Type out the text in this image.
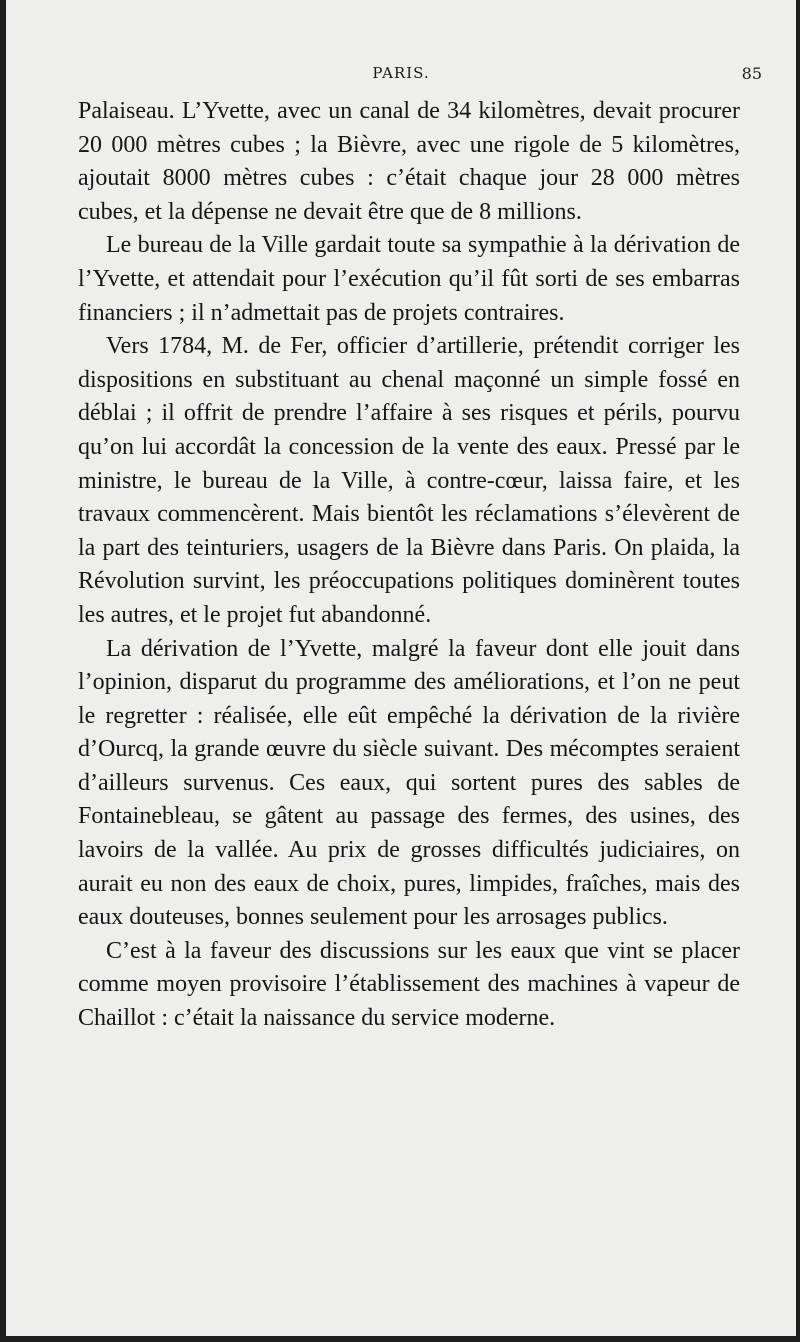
PARIS.	85

Palaiseau. L’Yvette, avec un canal de 34 kilomètres, devait procurer 20 000 mètres cubes ; la Bièvre, avec une rigole de 5 kilomètres, ajoutait 8000 mètres cubes : c’était chaque jour 28 000 mètres cubes, et la dépense ne devait être que de 8 millions.

Le bureau de la Ville gardait toute sa sympathie à la dérivation de l’Yvette, et attendait pour l’exécution qu’il fût sorti de ses embarras financiers ; il n’admettait pas de projets contraires.

Vers 1784, M. de Fer, officier d’artillerie, prétendit corriger les dispositions en substituant au chenal maçonné un simple fossé en déblai ; il offrit de prendre l’affaire à ses risques et périls, pourvu qu’on lui accordât la concession de la vente des eaux. Pressé par le ministre, le bureau de la Ville, à contre-cœur, laissa faire, et les travaux commencèrent. Mais bientôt les réclamations s’élevèrent de la part des teinturiers, usagers de la Bièvre dans Paris. On plaida, la Révolution survint, les préoccupations politiques dominèrent toutes les autres, et le projet fut abandonné.

La dérivation de l’Yvette, malgré la faveur dont elle jouit dans l’opinion, disparut du programme des améliorations, et l’on ne peut le regretter : réalisée, elle eût empêché la dérivation de la rivière d’Ourcq, la grande œuvre du siècle suivant. Des mécomptes seraient d’ailleurs survenus. Ces eaux, qui sortent pures des sables de Fontainebleau, se gâtent au passage des fermes, des usines, des lavoirs de la vallée. Au prix de grosses difficultés judiciaires, on aurait eu non des eaux de choix, pures, limpides, fraîches, mais des eaux douteuses, bonnes seulement pour les arrosages publics.

C’est à la faveur des discussions sur les eaux que vint se placer comme moyen provisoire l’établissement des machines à vapeur de Chaillot : c’était la naissance du service moderne.
